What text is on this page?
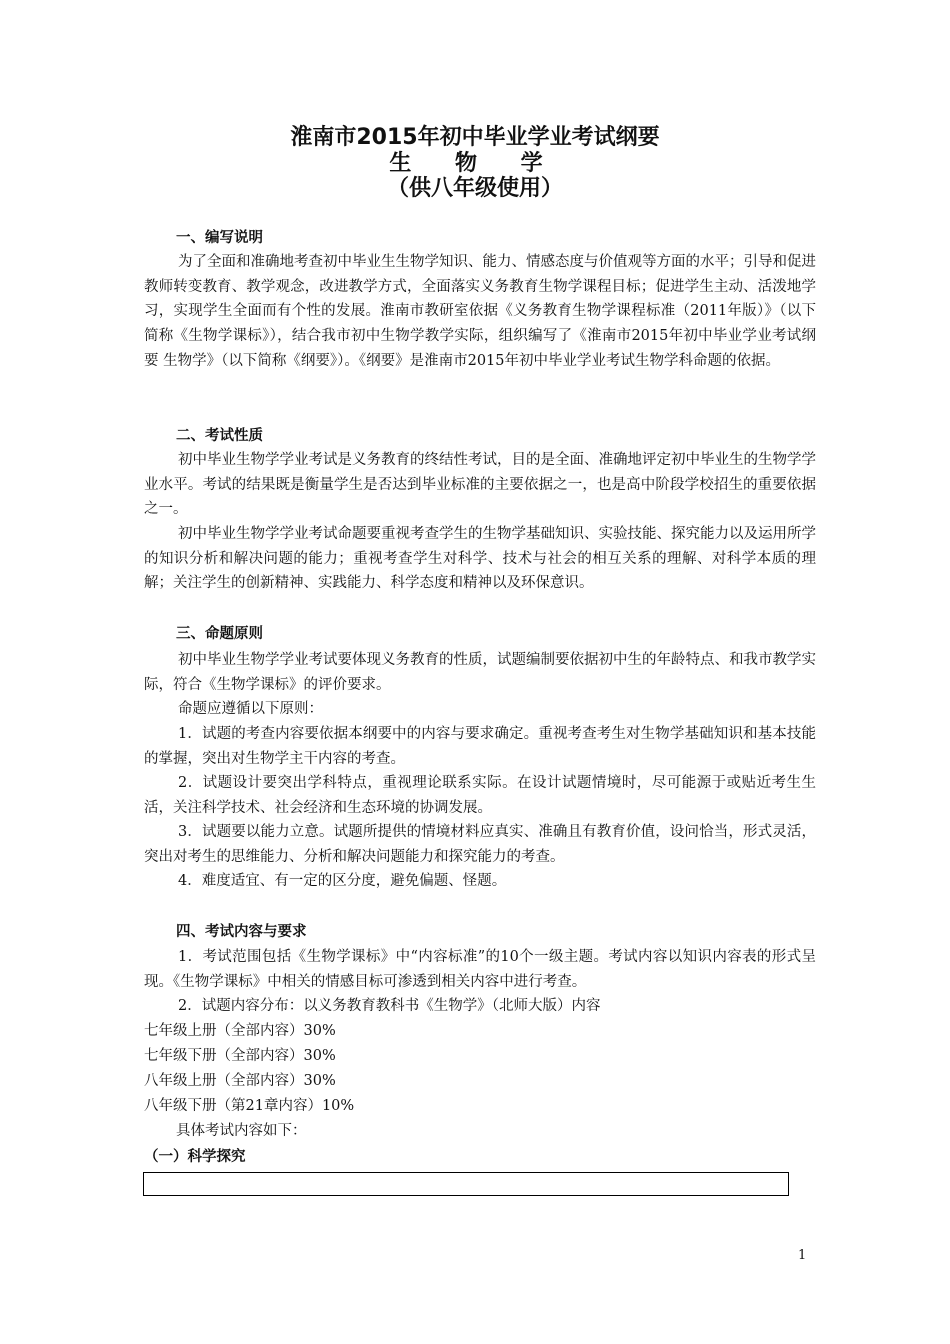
淮南市2015年初中毕业学业考试纲要
生 物 学
（供八年级使用）
一、编写说明
为了全面和准确地考查初中毕业生生物学知识、能力、情感态度与价值观等方面的水平；引导和促进教师转变教育、教学观念，改进教学方式，全面落实义务教育生物学课程目标；促进学生主动、活泼地学习，实现学生全面而有个性的发展。淮南市教研室依据《义务教育生物学课程标准（2011年版）》（以下简称《生物学课标》），结合我市初中生物学教学实际，组织编写了《淮南市2015年初中毕业学业考试纲要 生物学》（以下简称《纲要》）。《纲要》是淮南市2015年初中毕业学业考试生物学科命题的依据。
二、考试性质
初中毕业生物学学业考试是义务教育的终结性考试，目的是全面、准确地评定初中毕业生的生物学学业水平。考试的结果既是衡量学生是否达到毕业标准的主要依据之一，也是高中阶段学校招生的重要依据之一。
初中毕业生物学学业考试命题要重视考查学生的生物学基础知识、实验技能、探究能力以及运用所学的知识分析和解决问题的能力；重视考查学生对科学、技术与社会的相互关系的理解、对科学本质的理解；关注学生的创新精神、实践能力、科学态度和精神以及环保意识。
三、命题原则
初中毕业生物学学业考试要体现义务教育的性质，试题编制要依据初中生的年龄特点、和我市教学实际，符合《生物学课标》的评价要求。
命题应遵循以下原则：
1．试题的考查内容要依据本纲要中的内容与要求确定。重视考查考生对生物学基础知识和基本技能的掌握，突出对生物学主干内容的考查。
2．试题设计要突出学科特点，重视理论联系实际。在设计试题情境时，尽可能源于或贴近考生生活，关注科学技术、社会经济和生态环境的协调发展。
3．试题要以能力立意。试题所提供的情境材料应真实、准确且有教育价值，设问恰当，形式灵活，突出对考生的思维能力、分析和解决问题能力和探究能力的考查。
4．难度适宜、有一定的区分度，避免偏题、怪题。
四、考试内容与要求
1．考试范围包括《生物学课标》中“内容标准”的10个一级主题。考试内容以知识内容表的形式呈现。《生物学课标》中相关的情感目标可渗透到相关内容中进行考查。
2．试题内容分布：以义务教育教科书《生物学》（北师大版）内容
七年级上册（全部内容）30%
七年级下册（全部内容）30%
八年级上册（全部内容）30%
八年级下册（第21章内容）10%
具体考试内容如下：
（一）科学探究
1
